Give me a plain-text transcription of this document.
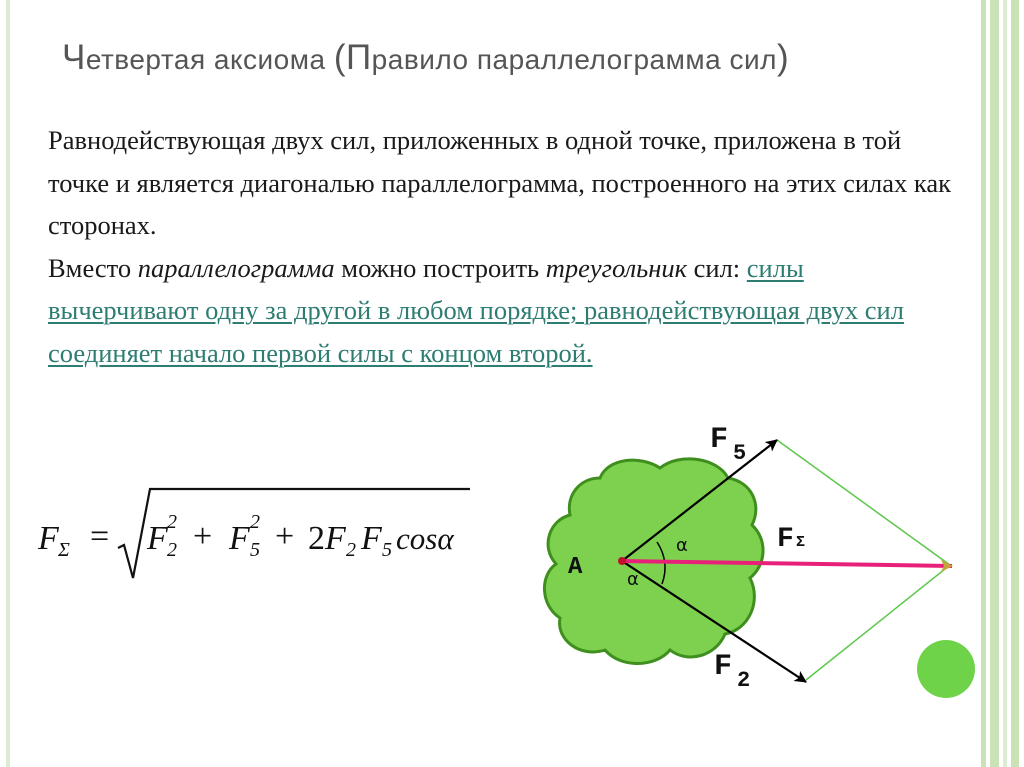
Четвертая аксиома (Правило параллелограмма сил)

Равнодействующая двух сил, приложенных в одной точке, приложена в той точке и является диагональю параллелограмма, построенного на этих силах как сторонах.

Вместо параллелограмма можно построить треугольник сил: силы вычерчивают одну за другой в любом порядке; равнодействующая двух сил соединяет начало первой силы с концом второй.

F Σ = F 2
2 + F 5
2 + 2 F 2 F 5 cosα
A
F 5
F 2
F Σ
α
α
